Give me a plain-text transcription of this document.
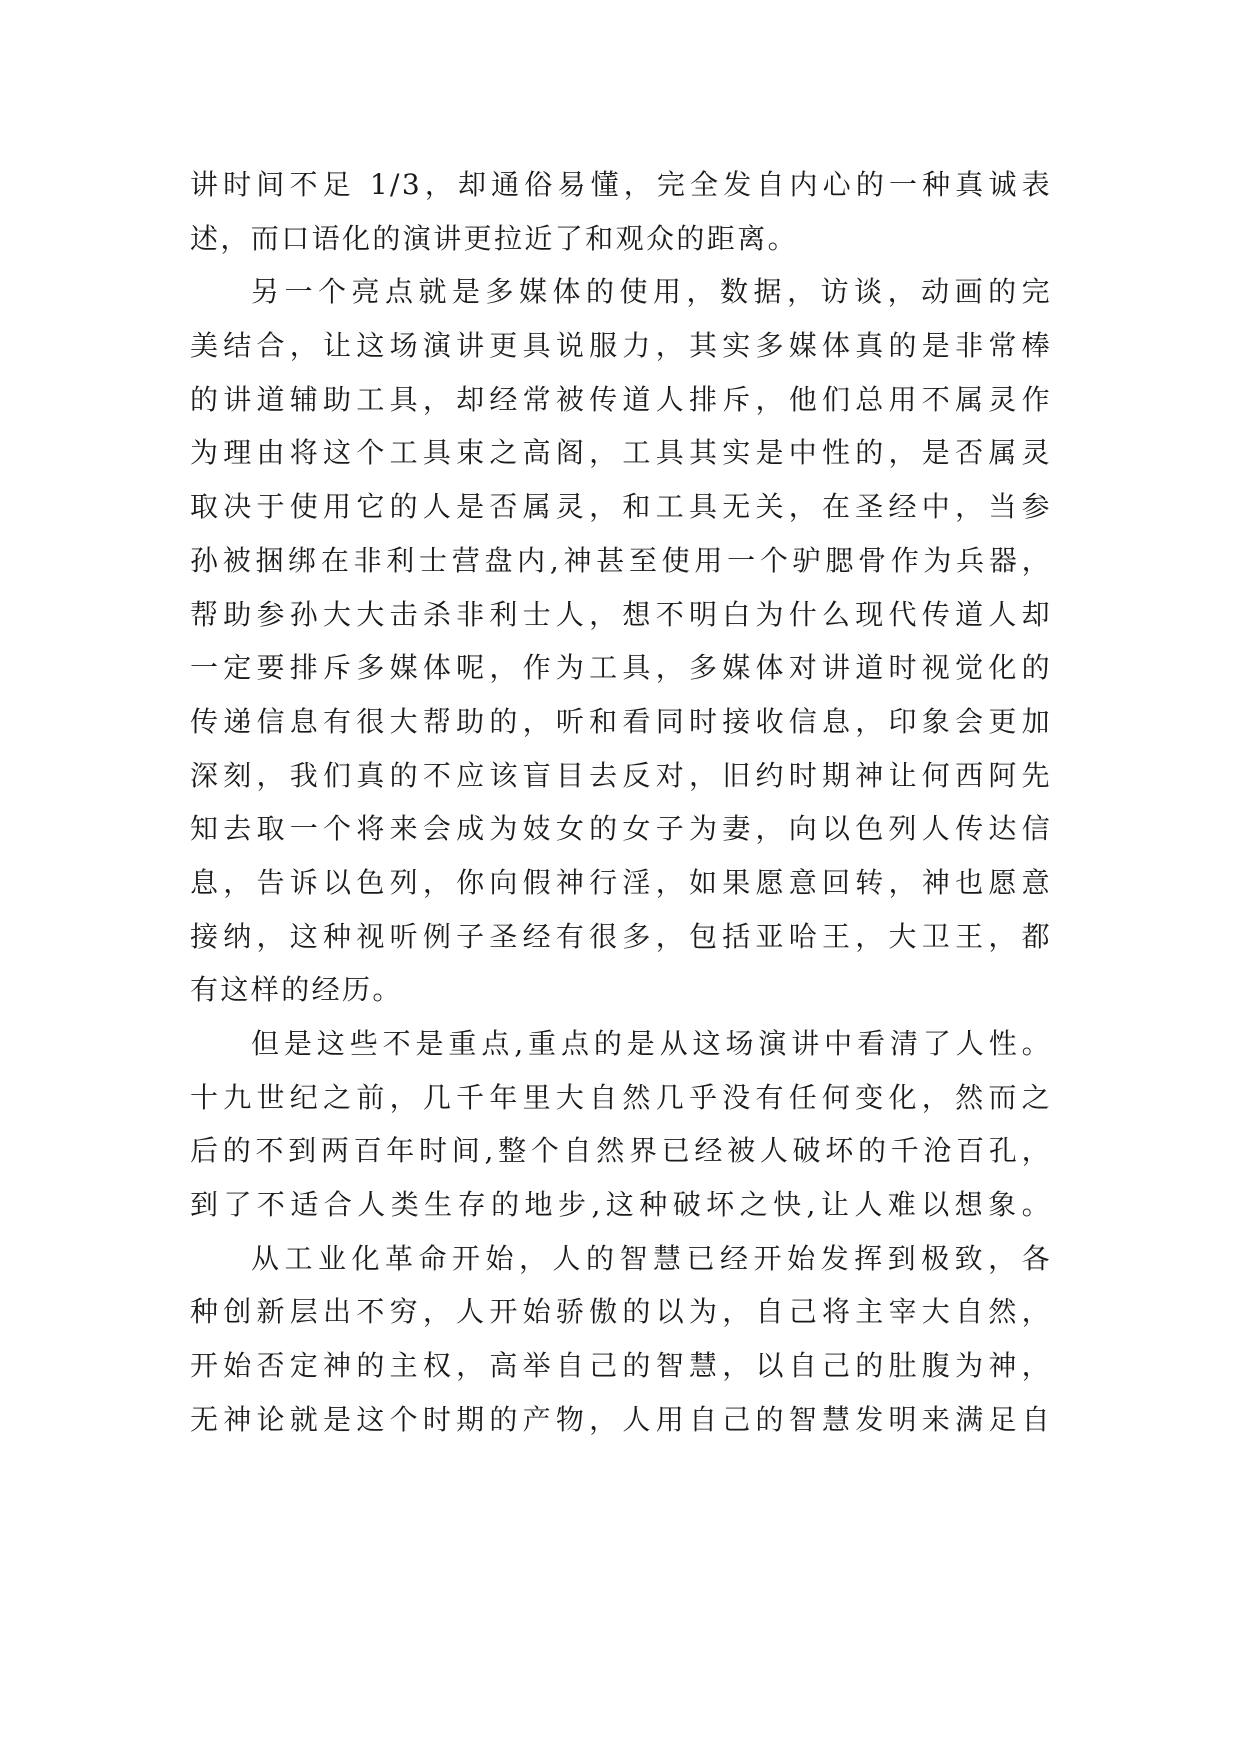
讲时间不足 1/3，却通俗易懂，完全发自内心的一种真诚表
述，而口语化的演讲更拉近了和观众的距离。
另一个亮点就是多媒体的使用，数据，访谈，动画的完
美结合，让这场演讲更具说服力，其实多媒体真的是非常棒
的讲道辅助工具，却经常被传道人排斥，他们总用不属灵作
为理由将这个工具束之高阁，工具其实是中性的，是否属灵
取决于使用它的人是否属灵，和工具无关，在圣经中，当参
孙被捆绑在非利士营盘内,神甚至使用一个驴腮骨作为兵器，
帮助参孙大大击杀非利士人，想不明白为什么现代传道人却
一定要排斥多媒体呢，作为工具，多媒体对讲道时视觉化的
传递信息有很大帮助的，听和看同时接收信息，印象会更加
深刻，我们真的不应该盲目去反对，旧约时期神让何西阿先
知去取一个将来会成为妓女的女子为妻，向以色列人传达信
息，告诉以色列，你向假神行淫，如果愿意回转，神也愿意
接纳，这种视听例子圣经有很多，包括亚哈王，大卫王，都
有这样的经历。
但是这些不是重点,重点的是从这场演讲中看清了人性。
十九世纪之前，几千年里大自然几乎没有任何变化，然而之
后的不到两百年时间,整个自然界已经被人破坏的千沧百孔，
到了不适合人类生存的地步,这种破坏之快,让人难以想象。
从工业化革命开始，人的智慧已经开始发挥到极致，各
种创新层出不穷，人开始骄傲的以为，自己将主宰大自然，
开始否定神的主权，高举自己的智慧，以自己的肚腹为神，
无神论就是这个时期的产物，人用自己的智慧发明来满足自
